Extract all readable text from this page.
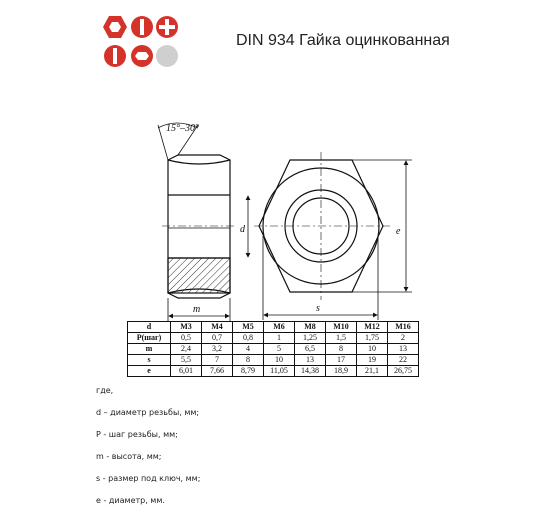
DIN 934 Гайка оцинкованная
15°–30°
m
d
s
e
d	M3	M4	M5	M6	M8	M10	M12	M16
P(шаг)	0,5	0,7	0,8	1	1,25	1,5	1,75	2
m	2,4	3,2	4	5	6,5	8	10	13
s	5,5	7	8	10	13	17	19	22
e	6,01	7,66	8,79	11,05	14,38	18,9	21,1	26,75
где,
d – диаметр резьбы, мм;
P - шаг резьбы, мм;
m - высота, мм;
s - размер под ключ, мм;
e - диаметр, мм.
